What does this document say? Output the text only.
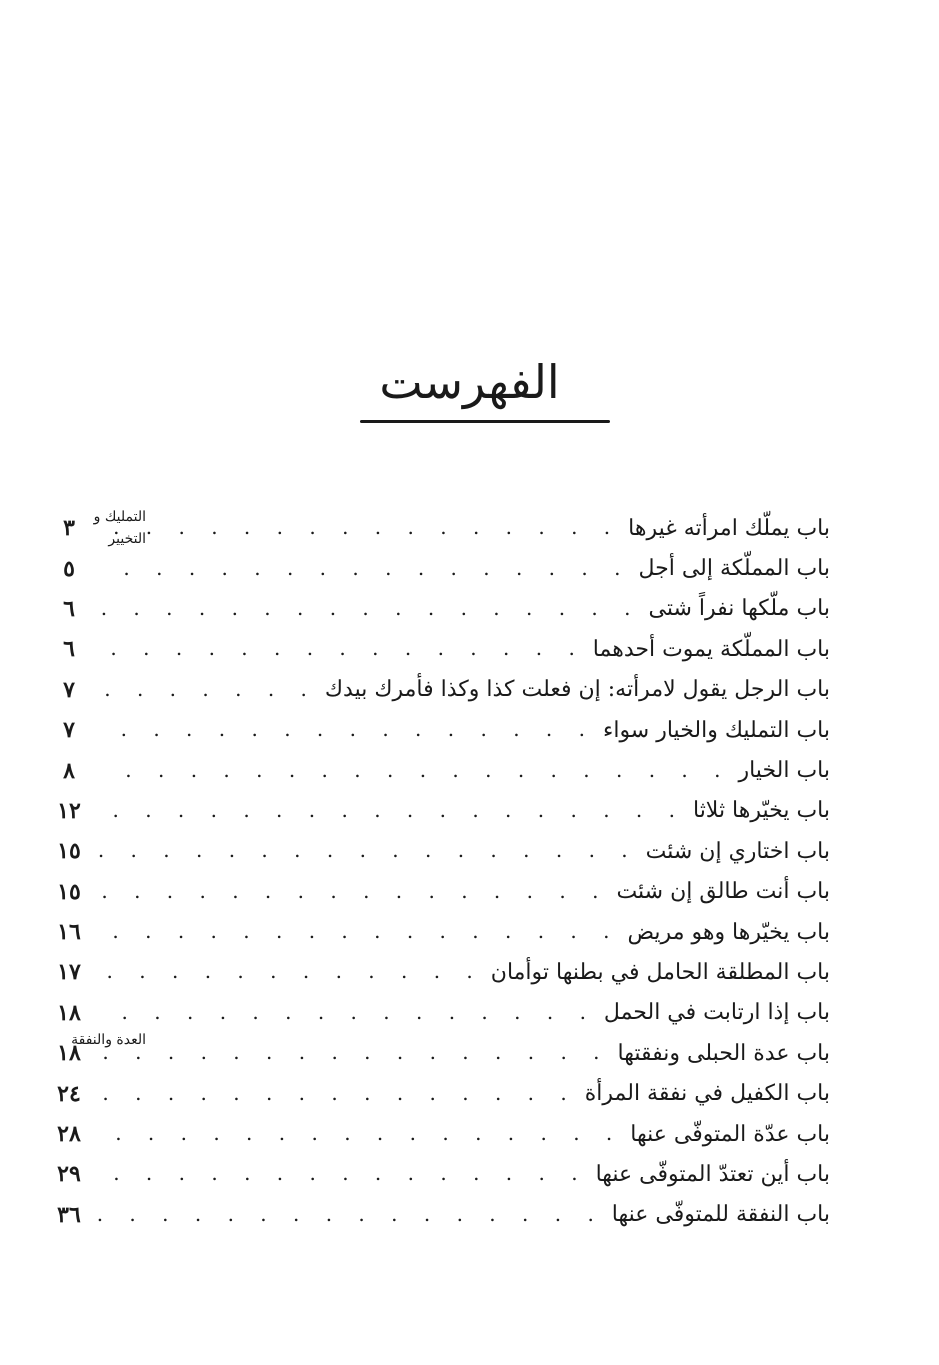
الفهرست
باب يملّك امرأته غيرها
. .
٣
باب المملّكة إلى أجل
. .
٥
باب ملّكها نفراً شتى
. .
٦
باب المملّكة يموت أحدهما
. .
٦
باب الرجل يقول لامرأته: إن فعلت كذا وكذا فأمرك بيدك
. .
٧
باب التمليك والخيار سواء
. .
٧
باب الخيار
. .
٨
باب يخيّرها ثلاثا
. .
١٢
باب اختاري إن شئت
. .
١٥
باب أنت طالق إن شئت
. .
١٥
باب يخيّرها وهو مريض
. .
١٦
باب المطلقة الحامل في بطنها توأمان
. .
١٧
باب إذا ارتابت في الحمل
. .
١٨
باب عدة الحبلى ونفقتها
. .
١٨
باب الكفيل في نفقة المرأة
. .
٢٤
باب عدّة المتوفّى عنها
. .
٢٨
باب أين تعتدّ المتوفّى عنها
. .
٢٩
باب النفقة للمتوفّى عنها
. .
٣٦
التمليك و
التخيير
العدة والنفقة
